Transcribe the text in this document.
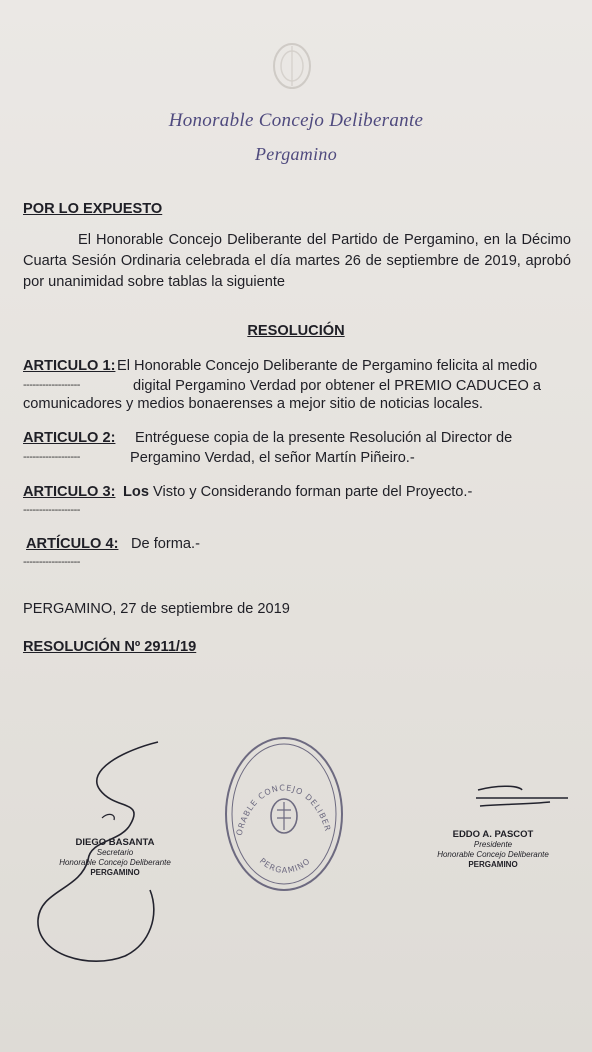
Honorable Concejo Deliberante
Pergamino
POR LO EXPUESTO
El Honorable Concejo Deliberante del Partido de Pergamino, en la Décimo Cuarta Sesión Ordinaria celebrada el día martes 26 de septiembre de 2019, aprobó por unanimidad sobre tablas la siguiente
RESOLUCIÓN
ARTICULO 1: El Honorable Concejo Deliberante de Pergamino felicita al medio
------------------	digital Pergamino Verdad por obtener el PREMIO CADUCEO a
comunicadores y medios bonaerenses a mejor sitio de noticias locales.
ARTICULO 2: Entréguese copia de la presente Resolución al Director de
------------------	Pergamino Verdad, el señor Martín Piñeiro.-
ARTICULO 3: Los Visto y Considerando forman parte del Proyecto.-
------------------
ARTÍCULO 4: De forma.-
------------------
PERGAMINO, 27 de septiembre de 2019
RESOLUCIÓN Nº 2911/19
DIEGO BASANTA
Secretario
Honorable Concejo Deliberante
PERGAMINO
HONORABLE CONCEJO DELIBERANTE
PERGAMINO
EDDO A. PASCOT
Presidente
Honorable Concejo Deliberante
PERGAMINO
